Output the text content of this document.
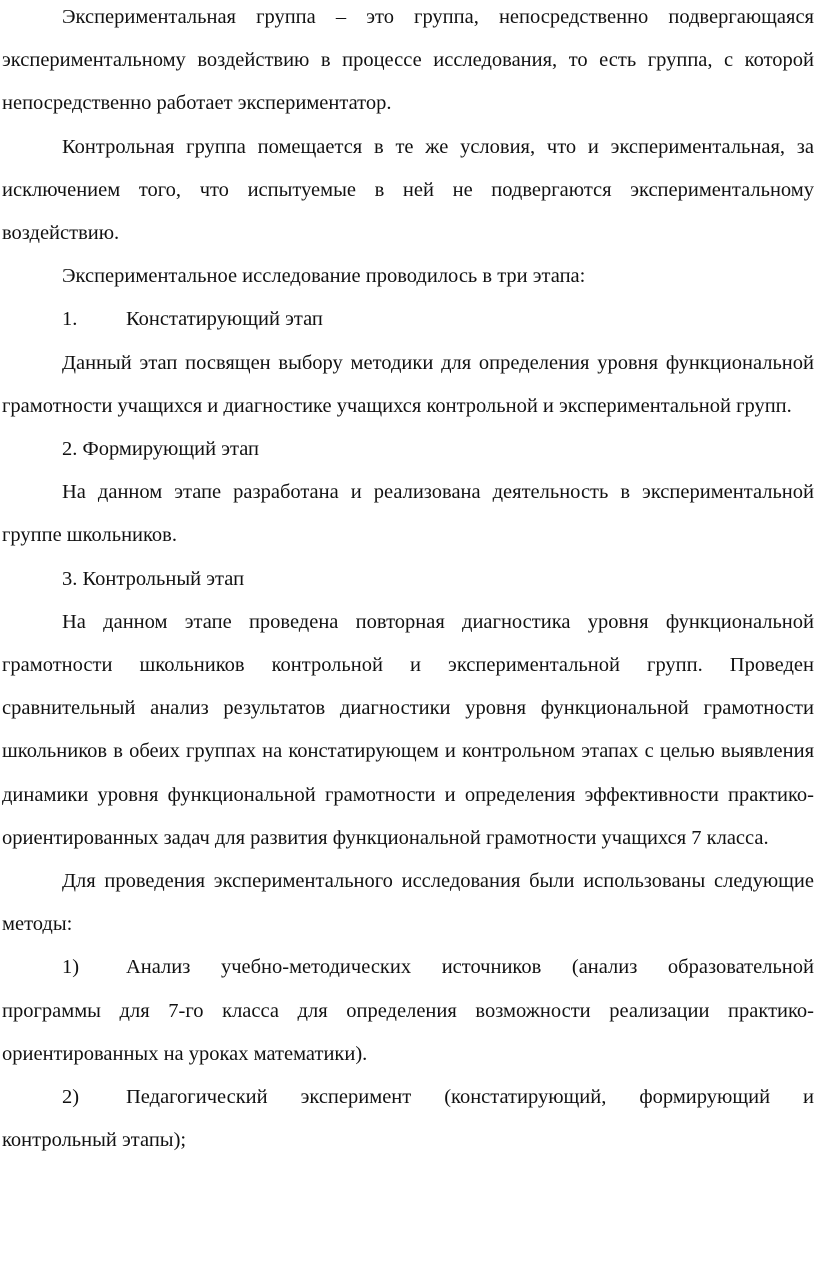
Экспериментальная группа – это группа, непосредственно подвергающаяся экспериментальному воздействию в процессе исследования, то есть группа, с которой непосредственно работает экспериментатор.

Контрольная группа помещается в те же условия, что и экспериментальная, за исключением того, что испытуемые в ней не подвергаются экспериментальному воздействию.

Экспериментальное исследование проводилось в три этапа:

1. Констатирующий этап

Данный этап посвящен выбору методики для определения уровня функциональной грамотности учащихся и диагностике учащихся контрольной и экспериментальной групп.

2. Формирующий этап

На данном этапе разработана и реализована деятельность в экспериментальной группе школьников.

3. Контрольный этап

На данном этапе проведена повторная диагностика уровня функциональной грамотности школьников контрольной и экспериментальной групп. Проведен сравнительный анализ результатов диагностики уровня функциональной грамотности школьников в обеих группах на констатирующем и контрольном этапах с целью выявления динамики уровня функциональной грамотности и определения эффективности практико-ориентированных задач для развития функциональной грамотности учащихся 7 класса.

Для проведения экспериментального исследования были использованы следующие методы:

1) Анализ учебно-методических источников (анализ образовательной программы для 7-го класса для определения возможности реализации практико-ориентированных на уроках математики).

2) Педагогический эксперимент (констатирующий, формирующий и контрольный этапы);
